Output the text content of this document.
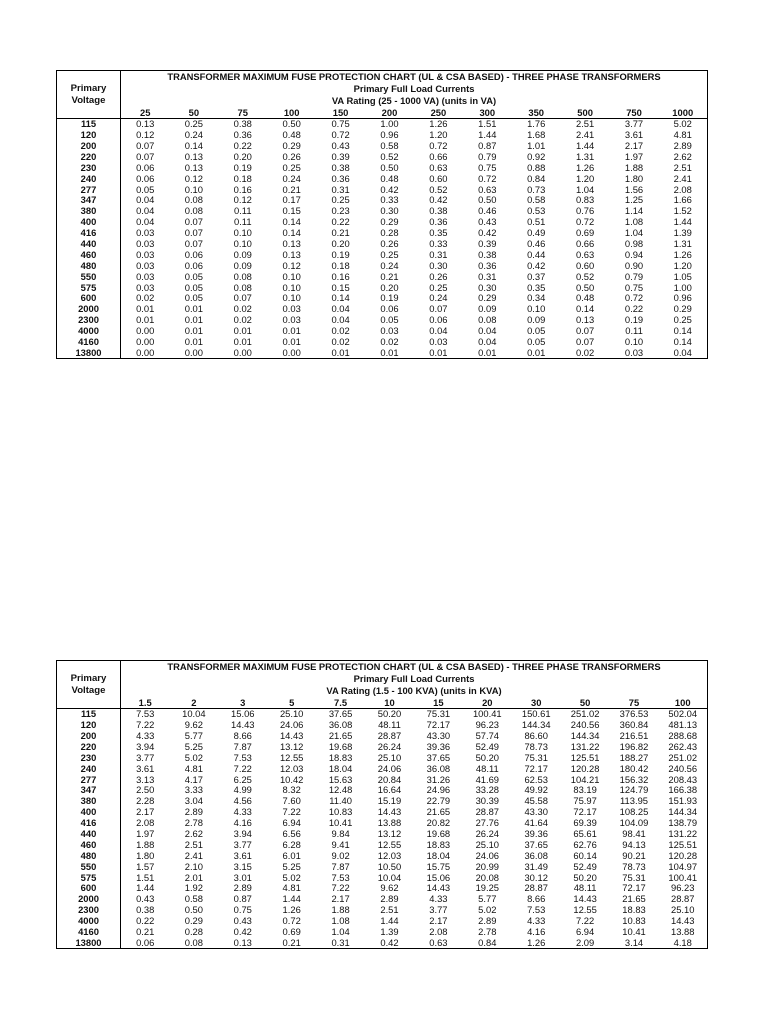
	TRANSFORMER MAXIMUM FUSE PROTECTION CHART (UL & CSA BASED) - THREE PHASE TRANSFORMERS											

Primary
Voltage	Primary Full Load Currents											
	VA Rating (25 - 1000 VA) (units in VA)											
	25	50	75	100	150	200	250	300	350	500	750	1000
115	0.13	0.25	0.38	0.50	0.75	1.00	1.26	1.51	1.76	2.51	3.77	5.02
120	0.12	0.24	0.36	0.48	0.72	0.96	1.20	1.44	1.68	2.41	3.61	4.81
200	0.07	0.14	0.22	0.29	0.43	0.58	0.72	0.87	1.01	1.44	2.17	2.89
220	0.07	0.13	0.20	0.26	0.39	0.52	0.66	0.79	0.92	1.31	1.97	2.62
230	0.06	0.13	0.19	0.25	0.38	0.50	0.63	0.75	0.88	1.26	1.88	2.51
240	0.06	0.12	0.18	0.24	0.36	0.48	0.60	0.72	0.84	1.20	1.80	2.41
277	0.05	0.10	0.16	0.21	0.31	0.42	0.52	0.63	0.73	1.04	1.56	2.08
347	0.04	0.08	0.12	0.17	0.25	0.33	0.42	0.50	0.58	0.83	1.25	1.66
380	0.04	0.08	0.11	0.15	0.23	0.30	0.38	0.46	0.53	0.76	1.14	1.52
400	0.04	0.07	0.11	0.14	0.22	0.29	0.36	0.43	0.51	0.72	1.08	1.44
416	0.03	0.07	0.10	0.14	0.21	0.28	0.35	0.42	0.49	0.69	1.04	1.39
440	0.03	0.07	0.10	0.13	0.20	0.26	0.33	0.39	0.46	0.66	0.98	1.31
460	0.03	0.06	0.09	0.13	0.19	0.25	0.31	0.38	0.44	0.63	0.94	1.26
480	0.03	0.06	0.09	0.12	0.18	0.24	0.30	0.36	0.42	0.60	0.90	1.20
550	0.03	0.05	0.08	0.10	0.16	0.21	0.26	0.31	0.37	0.52	0.79	1.05
575	0.03	0.05	0.08	0.10	0.15	0.20	0.25	0.30	0.35	0.50	0.75	1.00
600	0.02	0.05	0.07	0.10	0.14	0.19	0.24	0.29	0.34	0.48	0.72	0.96
2000	0.01	0.01	0.02	0.03	0.04	0.06	0.07	0.09	0.10	0.14	0.22	0.29
2300	0.01	0.01	0.02	0.03	0.04	0.05	0.06	0.08	0.09	0.13	0.19	0.25
4000	0.00	0.01	0.01	0.01	0.02	0.03	0.04	0.04	0.05	0.07	0.11	0.14
4160	0.00	0.01	0.01	0.01	0.02	0.02	0.03	0.04	0.05	0.07	0.10	0.14
13800	0.00	0.00	0.00	0.00	0.01	0.01	0.01	0.01	0.01	0.02	0.03	0.04
	TRANSFORMER MAXIMUM FUSE PROTECTION CHART (UL & CSA BASED) - THREE PHASE TRANSFORMERS											

Primary
Voltage	Primary Full Load Currents											
	VA Rating (1.5 - 100 KVA) (units in KVA)											
	1.5	2	3	5	7.5	10	15	20	30	50	75	100
115	7.53	10.04	15.06	25.10	37.65	50.20	75.31	100.41	150.61	251.02	376.53	502.04
120	7.22	9.62	14.43	24.06	36.08	48.11	72.17	96.23	144.34	240.56	360.84	481.13
200	4.33	5.77	8.66	14.43	21.65	28.87	43.30	57.74	86.60	144.34	216.51	288.68
220	3.94	5.25	7.87	13.12	19.68	26.24	39.36	52.49	78.73	131.22	196.82	262.43
230	3.77	5.02	7.53	12.55	18.83	25.10	37.65	50.20	75.31	125.51	188.27	251.02
240	3.61	4.81	7.22	12.03	18.04	24.06	36.08	48.11	72.17	120.28	180.42	240.56
277	3.13	4.17	6.25	10.42	15.63	20.84	31.26	41.69	62.53	104.21	156.32	208.43
347	2.50	3.33	4.99	8.32	12.48	16.64	24.96	33.28	49.92	83.19	124.79	166.38
380	2.28	3.04	4.56	7.60	11.40	15.19	22.79	30.39	45.58	75.97	113.95	151.93
400	2.17	2.89	4.33	7.22	10.83	14.43	21.65	28.87	43.30	72.17	108.25	144.34
416	2.08	2.78	4.16	6.94	10.41	13.88	20.82	27.76	41.64	69.39	104.09	138.79
440	1.97	2.62	3.94	6.56	9.84	13.12	19.68	26.24	39.36	65.61	98.41	131.22
460	1.88	2.51	3.77	6.28	9.41	12.55	18.83	25.10	37.65	62.76	94.13	125.51
480	1.80	2.41	3.61	6.01	9.02	12.03	18.04	24.06	36.08	60.14	90.21	120.28
550	1.57	2.10	3.15	5.25	7.87	10.50	15.75	20.99	31.49	52.49	78.73	104.97
575	1.51	2.01	3.01	5.02	7.53	10.04	15.06	20.08	30.12	50.20	75.31	100.41
600	1.44	1.92	2.89	4.81	7.22	9.62	14.43	19.25	28.87	48.11	72.17	96.23
2000	0.43	0.58	0.87	1.44	2.17	2.89	4.33	5.77	8.66	14.43	21.65	28.87
2300	0.38	0.50	0.75	1.26	1.88	2.51	3.77	5.02	7.53	12.55	18.83	25.10
4000	0.22	0.29	0.43	0.72	1.08	1.44	2.17	2.89	4.33	7.22	10.83	14.43
4160	0.21	0.28	0.42	0.69	1.04	1.39	2.08	2.78	4.16	6.94	10.41	13.88
13800	0.06	0.08	0.13	0.21	0.31	0.42	0.63	0.84	1.26	2.09	3.14	4.18
